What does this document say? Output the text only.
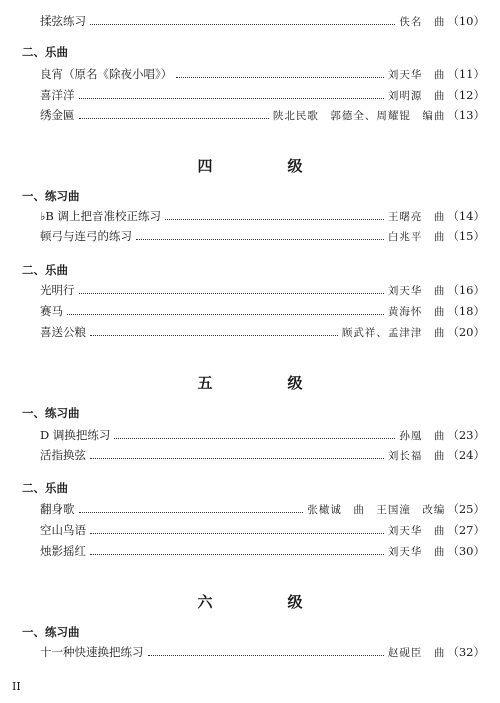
揉弦练习	佚名　曲 （10）
二、乐曲
良宵（原名《除夜小唱》）	刘天华　曲 （11）
喜洋洋	刘明源　曲 （12）
绣金匾	陕北民歌　郭德全、周耀锟　编曲 （13）
四　级
一、练习曲
♭B 调上把音准校正练习	王曙亮　曲 （14）
顿弓与连弓的练习	白兆平　曲 （15）
二、乐曲
光明行	刘天华　曲 （16）
赛马	黄海怀　曲 （18）
喜送公粮	顾武祥、孟津津　曲 （20）
五　级
一、练习曲
D 调换把练习	孙凰　曲 （23）
活指换弦	刘长福　曲 （24）
二、乐曲
翻身歌	张橄诚　曲　王国潼　改编 （25）
空山鸟语	刘天华　曲 （27）
烛影摇红	刘天华　曲 （30）
六　级
一、练习曲
十一种快速换把练习	赵砚臣　曲 （32）
II
